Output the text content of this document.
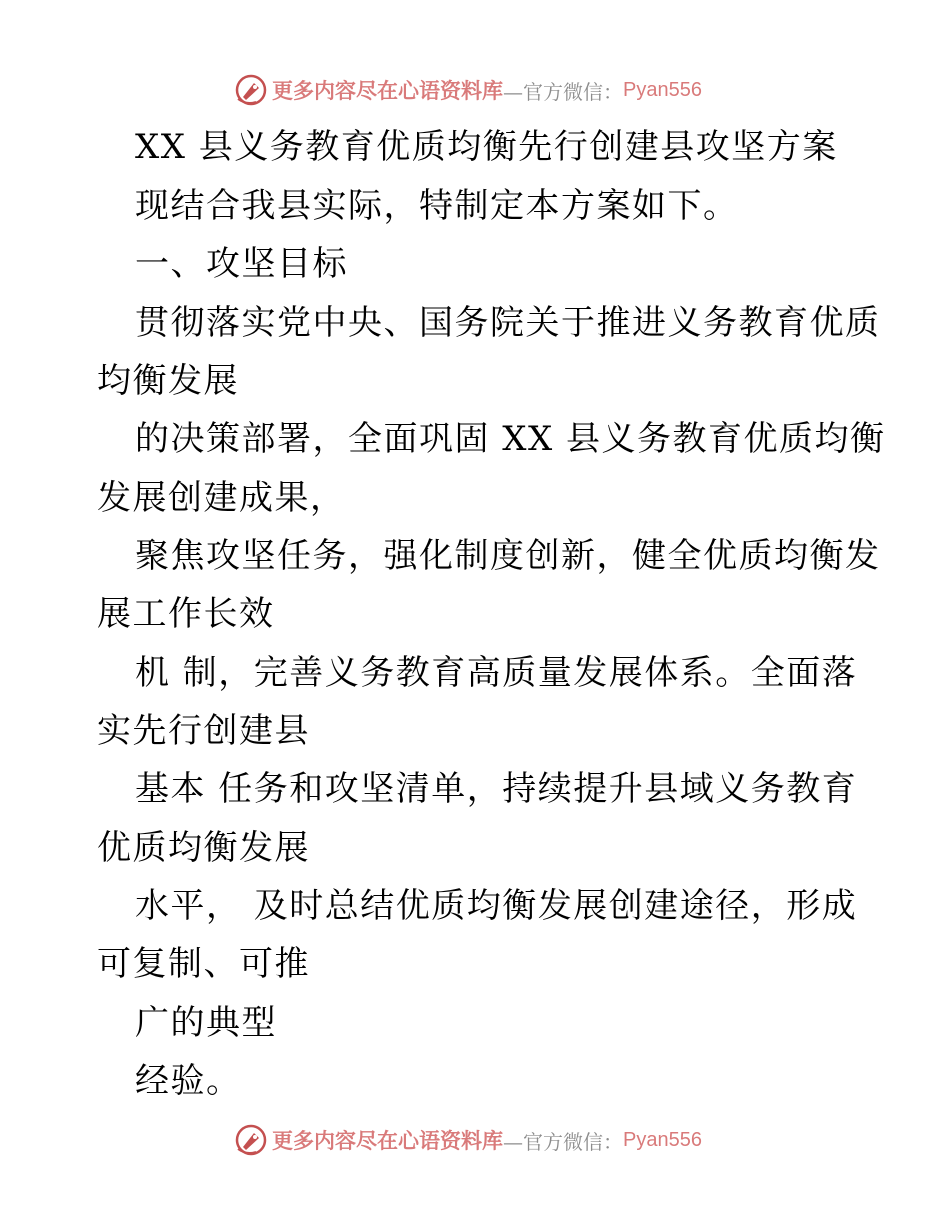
更多内容尽在心语资料库 —官方微信： Pyan556
XX 县义务教育优质均衡先行创建县攻坚方案
现结合我县实际，特制定本方案如下。
一、攻坚目标
贯彻落实党中央、国务院关于推进义务教育优质
均衡发展
的决策部署，全面巩固 XX 县义务教育优质均衡
发展创建成果，
聚焦攻坚任务，强化制度创新，健全优质均衡发
展工作长效
机 制，完善义务教育高质量发展体系。全面落
实先行创建县
基本 任务和攻坚清单，持续提升县域义务教育
优质均衡发展
水平， 及时总结优质均衡发展创建途径，形成
可复制、可推
广的典型
经验。
更多内容尽在心语资料库 —官方微信： Pyan556
